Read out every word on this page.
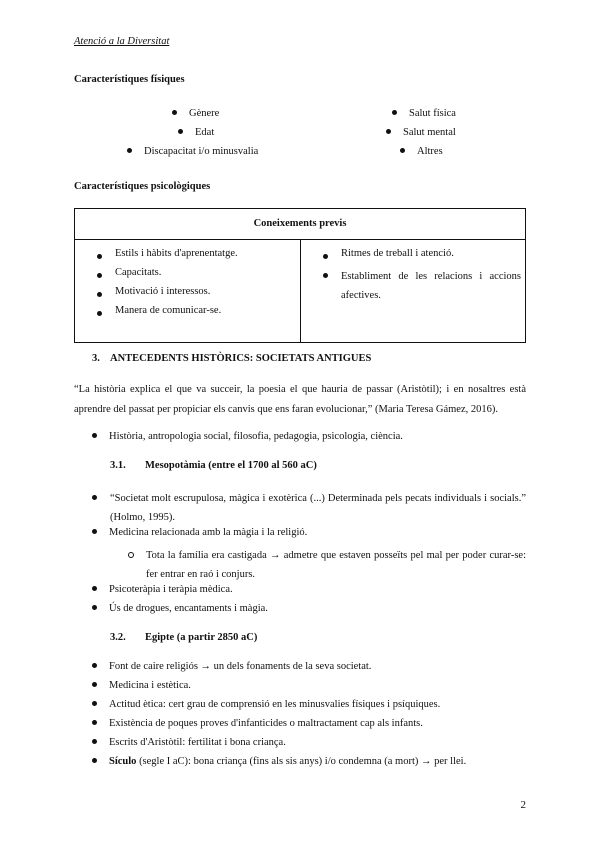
Atenció a la Diversitat
Característiques físiques
Gènere
Edat
Discapacitat i/o minusvalia
Salut física
Salut mental
Altres
Característiques psicològiques
Coneixements previs

Estils i hàbits d'aprenentatge.
Capacitats.
Motivació i interessos.
Manera de comunicar-se.

Ritmes de treball i atenció.
Establiment de les relacions i accions afectives.
3. ANTECEDENTS HISTÒRICS: SOCIETATS ANTIGUES
“La història explica el que va succeir, la poesia el que hauria de passar (Aristòtil); i en nosaltres està aprendre del passat per propiciar els canvis que ens faran evolucionar,” (Maria Teresa Gámez, 2016).
Història, antropologia social, filosofia, pedagogia, psicologia, ciència.
3.1. Mesopotàmia (entre el 1700 al 560 aC)
“Societat molt escrupulosa, màgica i exotèrica (...) Determinada pels pecats individuals i socials.” (Holmo, 1995).
Medicina relacionada amb la màgia i la religió.
Tota la família era castigada → admetre que estaven posseïts pel mal per poder curar-se: fer entrar en raó i conjurs.
Psicoteràpia i teràpia mèdica.
Ús de drogues, encantaments i màgia.
3.2. Egipte (a partir 2850 aC)
Font de caire religiós → un dels fonaments de la seva societat.
Medicina i estètica.
Actitud ètica: cert grau de comprensió en les minusvalies físiques i psíquiques.
Existència de poques proves d'infanticides o maltractament cap als infants.
Escrits d'Aristòtil: fertilitat i bona criança.
Sículo (segle I aC): bona criança (fins als sis anys) i/o condemna (a mort) → per llei.
2
